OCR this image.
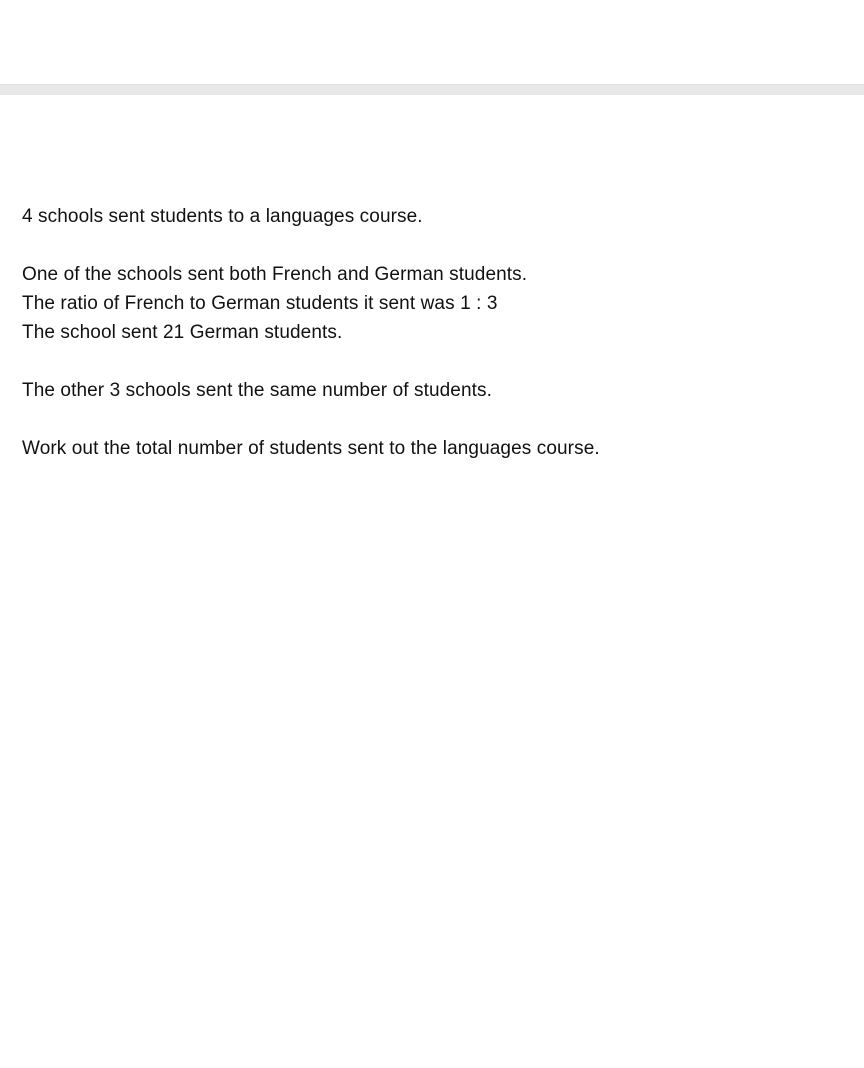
4 schools sent students to a languages course.

One of the schools sent both French and German students.
The ratio of French to German students it sent was 1 : 3
The school sent 21 German students.

The other 3 schools sent the same number of students.

Work out the total number of students sent to the languages course.
